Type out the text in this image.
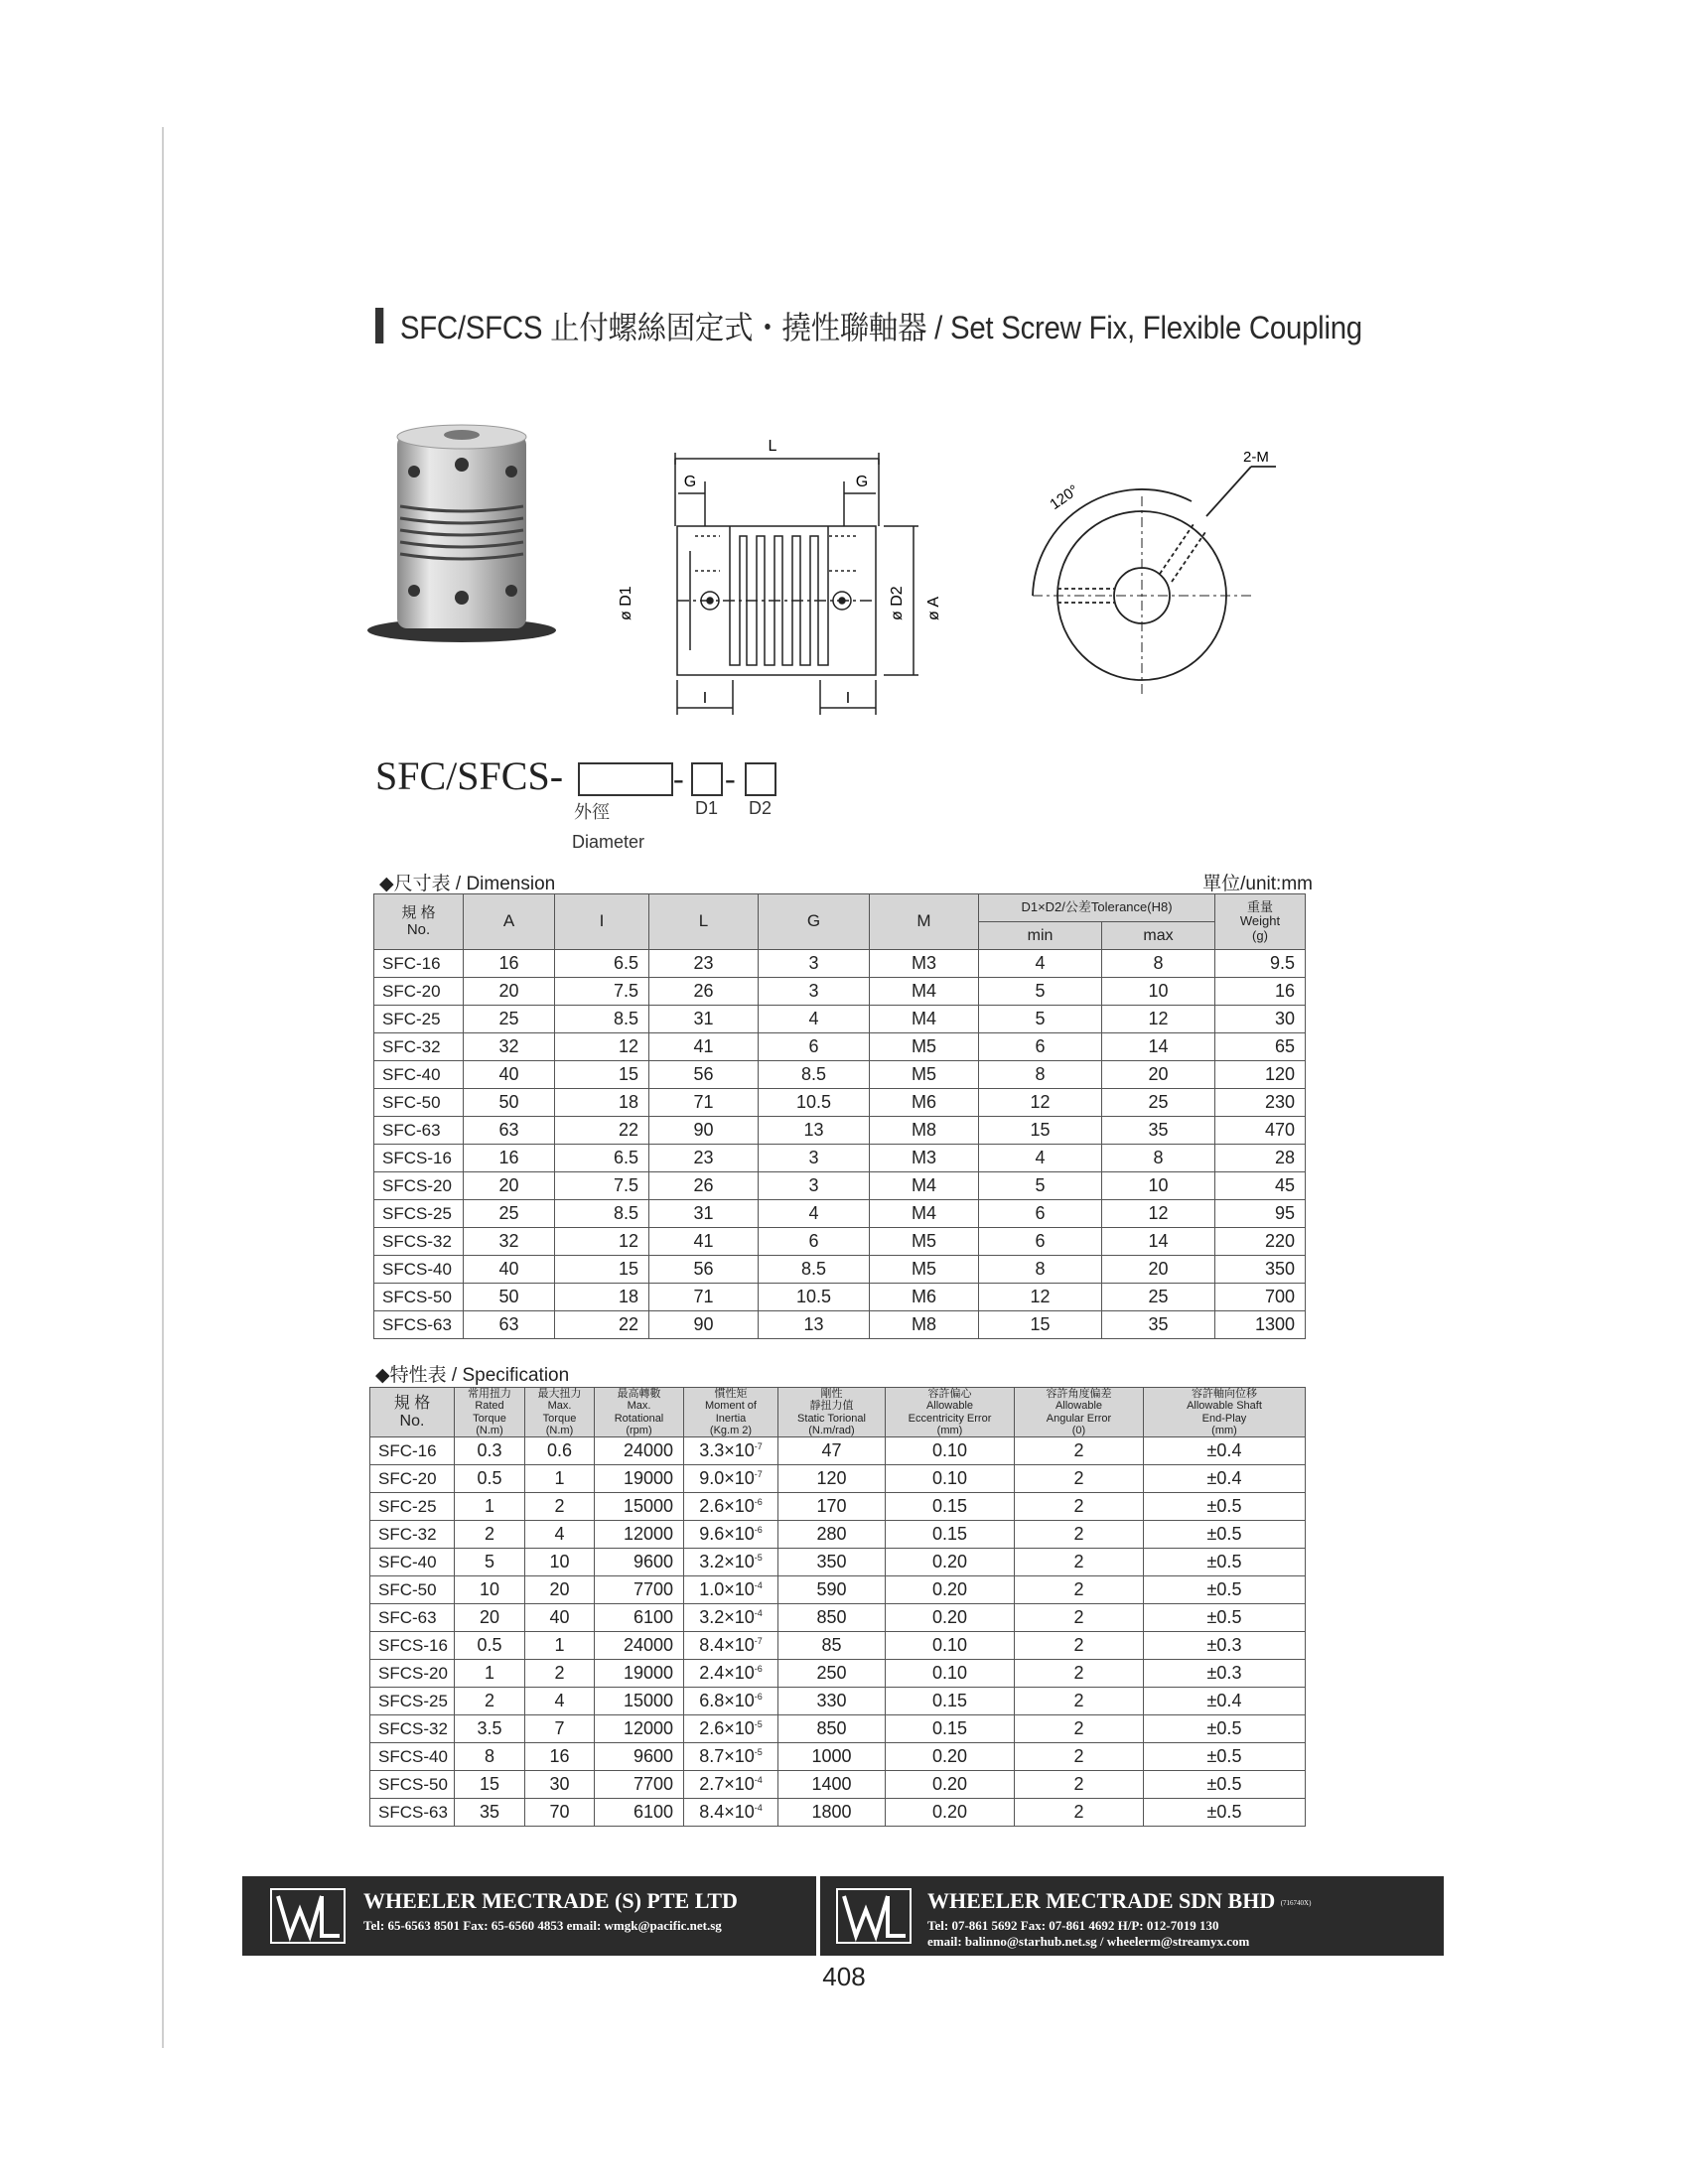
SFC/SFCS 止付螺絲固定式・撓性聯軸器 / Set Screw Fix, Flexible Coupling
L
G	G
I	I
ø D1	ø D2 ø A
120°
2-M
SFC/SFCS-	- -
外徑	D1 D2
Diameter
◆尺寸表 / Dimension	單位/unit:mm
規 格
No.	A	I	L	G	M	D1×D2/公差Tolerance(H8)		重量
Weight
(g)
						min	max	
SFC-16	16	6.5	23	3	M3	4	8	9.5
SFC-20	20	7.5	26	3	M4	5	10	16
SFC-25	25	8.5	31	4	M4	5	12	30
SFC-32	32	12	41	6	M5	6	14	65
SFC-40	40	15	56	8.5	M5	8	20	120
SFC-50	50	18	71	10.5	M6	12	25	230
SFC-63	63	22	90	13	M8	15	35	470
SFCS-16	16	6.5	23	3	M3	4	8	28
SFCS-20	20	7.5	26	3	M4	5	10	45
SFCS-25	25	8.5	31	4	M4	6	12	95
SFCS-32	32	12	41	6	M5	6	14	220
SFCS-40	40	15	56	8.5	M5	8	20	350
SFCS-50	50	18	71	10.5	M6	12	25	700
SFCS-63	63	22	90	13	M8	15	35	1300
◆特性表 / Specification
規 格
No.	常用扭力
Rated
Torque
(N.m)	最大扭力
Max.
Torque
(N.m)	最高轉數
Max.
Rotational
(rpm)	慣性矩
Moment of
Inertia
(Kg.m 2)	剛性
靜扭力值
Static Torional
(N.m/rad)	容許偏心
Allowable
Eccentricity Error
(mm)	容許角度偏差
Allowable
Angular Error
(0)	容許軸向位移
Allowable Shaft
End-Play
(mm)

SFC-16	0.3	0.6	24000	$3.3\times 10^{-7}$	47	0.10	2	±0.4
SFC-20	0.5	1	19000	$9.0\times 10^{-7}$	120	0.10	2	±0.4
SFC-25	1	2	15000	$2.6\times 10^{-6}$	170	0.15	2	±0.5
SFC-32	2	4	12000	$9.6\times 10^{-6}$	280	0.15	2	±0.5
SFC-40	5	10	9600	$3.2\times 10^{-5}$	350	0.20	2	±0.5
SFC-50	10	20	7700	$1.0\times 10^{-4}$	590	0.20	2	±0.5
SFC-63	20	40	6100	$3.2\times 10^{-4}$	850	0.20	2	±0.5
SFCS-16	0.5	1	24000	$8.4\times 10^{-7}$	85	0.10	2	±0.3
SFCS-20	1	2	19000	$2.4\times 10^{-6}$	250	0.10	2	±0.3
SFCS-25	2	4	15000	$6.8\times 10^{-6}$	330	0.15	2	±0.4
SFCS-32	3.5	7	12000	$2.6\times 10^{-5}$	850	0.15	2	±0.5
SFCS-40	8	16	9600	$8.7\times 10^{-5}$	1000	0.20	2	±0.5
SFCS-50	15	30	7700	$2.7\times 10^{-4}$	1400	0.20	2	±0.5
SFCS-63	35	70	6100	$8.4\times 10^{-4}$	1800	0.20	2	±0.5
WHEELER MECTRADE (S) PTE LTD
Tel: 65-6563 8501 Fax: 65-6560 4853 email: wmgk@pacific.net.sg
WHEELER MECTRADE SDN BHD (716740X)
Tel: 07-861 5692 Fax: 07-861 4692 H/P: 012-7019 130
email: balinno@starhub.net.sg / wheelerm@streamyx.com
408
